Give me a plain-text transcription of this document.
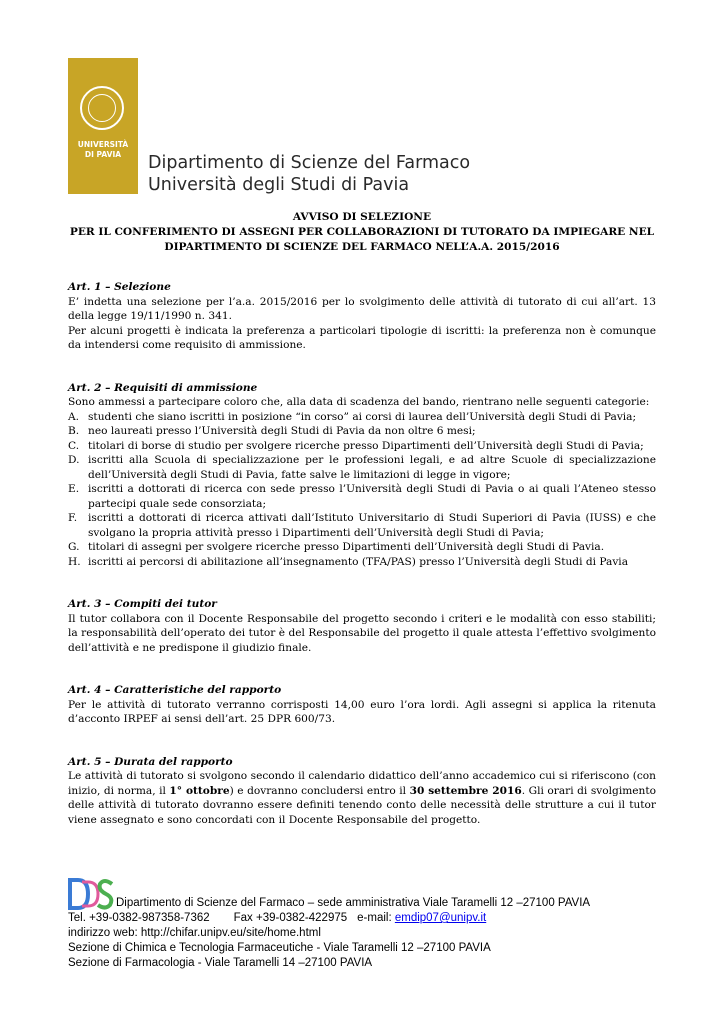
UNIVERSITÀ
DI PAVIA	Dipartimento di Scienze del Farmaco
Università degli Studi di Pavia
AVVISO DI SELEZIONE
PER IL CONFERIMENTO DI ASSEGNI PER COLLABORAZIONI DI TUTORATO DA IMPIEGARE NEL
DIPARTIMENTO DI SCIENZE DEL FARMACO NELL’A.A. 2015/2016

Art. 1 – Selezione

E’ indetta una selezione per l’a.a. 2015/2016 per lo svolgimento delle attività di tutorato di cui all’art. 13 della legge 19/11/1990 n. 341.

Per alcuni progetti è indicata la preferenza a particolari tipologie di iscritti: la preferenza non è comunque da intendersi come requisito di ammissione.

Art. 2 – Requisiti di ammissione

Sono ammessi a partecipare coloro che, alla data di scadenza del bando, rientrano nelle seguenti categorie:

A. studenti che siano iscritti in posizione “in corso” ai corsi di laurea dell’Università degli Studi di Pavia;
B. neo laureati presso l’Università degli Studi di Pavia da non oltre 6 mesi;
C. titolari di borse di studio per svolgere ricerche presso Dipartimenti dell’Università degli Studi di Pavia;
D. iscritti alla Scuola di specializzazione per le professioni legali, e ad altre Scuole di specializzazione dell’Università degli Studi di Pavia, fatte salve le limitazioni di legge in vigore;
E. iscritti a dottorati di ricerca con sede presso l’Università degli Studi di Pavia o ai quali l’Ateneo stesso partecipi quale sede consorziata;
F. iscritti a dottorati di ricerca attivati dall’Istituto Universitario di Studi Superiori di Pavia (IUSS) e che svolgano la propria attività presso i Dipartimenti dell’Università degli Studi di Pavia;
G. titolari di assegni per svolgere ricerche presso Dipartimenti dell’Università degli Studi di Pavia.
H. iscritti ai percorsi di abilitazione all’insegnamento (TFA/PAS) presso l’Università degli Studi di Pavia

Art. 3 – Compiti dei tutor

Il tutor collabora con il Docente Responsabile del progetto secondo i criteri e le modalità con esso stabiliti; la responsabilità dell’operato dei tutor è del Responsabile del progetto il quale attesta l’effettivo svolgimento dell’attività e ne predispone il giudizio finale.

Art. 4 – Caratteristiche del rapporto

Per le attività di tutorato verranno corrisposti 14,00 euro l’ora lordi. Agli assegni si applica la ritenuta d’acconto IRPEF ai sensi dell’art. 25 DPR 600/73.

Art. 5 – Durata del rapporto

Le attività di tutorato si svolgono secondo il calendario didattico dell’anno accademico cui si riferiscono (con inizio, di norma, il 1° ottobre) e dovranno concludersi entro il 30 settembre 2016. Gli orari di svolgimento delle attività di tutorato dovranno essere definiti tenendo conto delle necessità delle strutture a cui il tutor viene assegnato e sono concordati con il Docente Responsabile del progetto.

Dipartimento di Scienze del Farmaco – sede amministrativa Viale Taramelli 12 –27100 PAVIA
Tel. +39-0382-987358-7362 Fax +39-0382-422975 e-mail: emdip07@unipv.it
indirizzo web: http://chifar.unipv.eu/site/home.html
Sezione di Chimica e Tecnologia Farmaceutiche - Viale Taramelli 12 –27100 PAVIA
Sezione di Farmacologia - Viale Taramelli 14 –27100 PAVIA
